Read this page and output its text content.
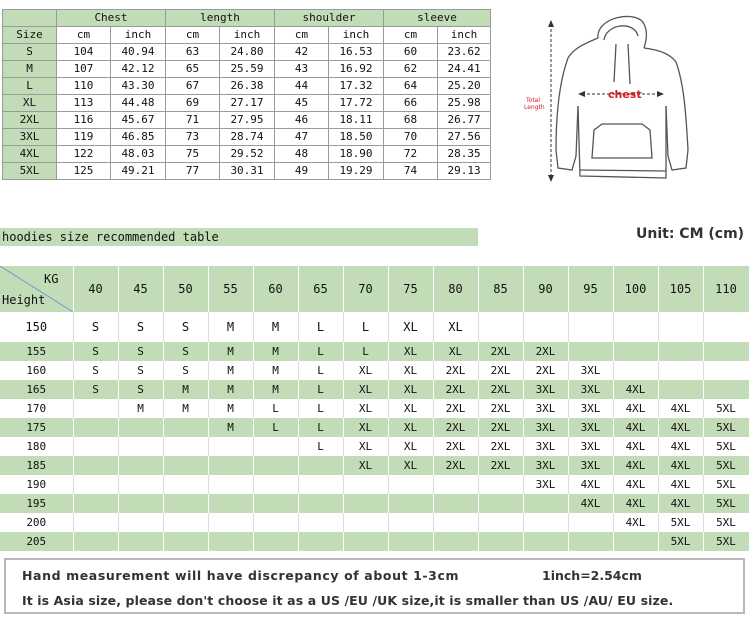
	Chest		length		shoulder		sleeve	
Size	cm	inch	cm	inch	cm	inch	cm	inch
S	104	40.94	63	24.80	42	16.53	60	23.62
M	107	42.12	65	25.59	43	16.92	62	24.41
L	110	43.30	67	26.38	44	17.32	64	25.20
XL	113	44.48	69	27.17	45	17.72	66	25.98
2XL	116	45.67	71	27.95	46	18.11	68	26.77
3XL	119	46.85	73	28.74	47	18.50	70	27.56
4XL	122	48.03	75	29.52	48	18.90	72	28.35
5XL	125	49.21	77	30.31	49	19.29	74	29.13
chest
Total Length
hoodies size recommended table	Unit: CM (cm)
KG
Height	40	45	50	55	60	65	70	75	80	85	90	95	100	105	110
150	S	S	S	M	M	L	L	XL	XL						
155	S	S	S	M	M	L	L	XL	XL	2XL	2XL				
160	S	S	S	M	M	L	XL	XL	2XL	2XL	2XL	3XL			
165	S	S	M	M	M	L	XL	XL	2XL	2XL	3XL	3XL	4XL		
170		M	M	M	L	L	XL	XL	2XL	2XL	3XL	3XL	4XL	4XL	5XL
175				M	L	L	XL	XL	2XL	2XL	3XL	3XL	4XL	4XL	5XL
180						L	XL	XL	2XL	2XL	3XL	3XL	4XL	4XL	5XL
185							XL	XL	2XL	2XL	3XL	3XL	4XL	4XL	5XL
190											3XL	4XL	4XL	4XL	5XL
195												4XL	4XL	4XL	5XL
200													4XL	5XL	5XL
205														5XL	5XL
Hand measurement will have discrepancy of about 1-3cm	1inch=2.54cm
It is Asia size, please don't choose it as a US /EU /UK size,it is smaller than US /AU/ EU size.
